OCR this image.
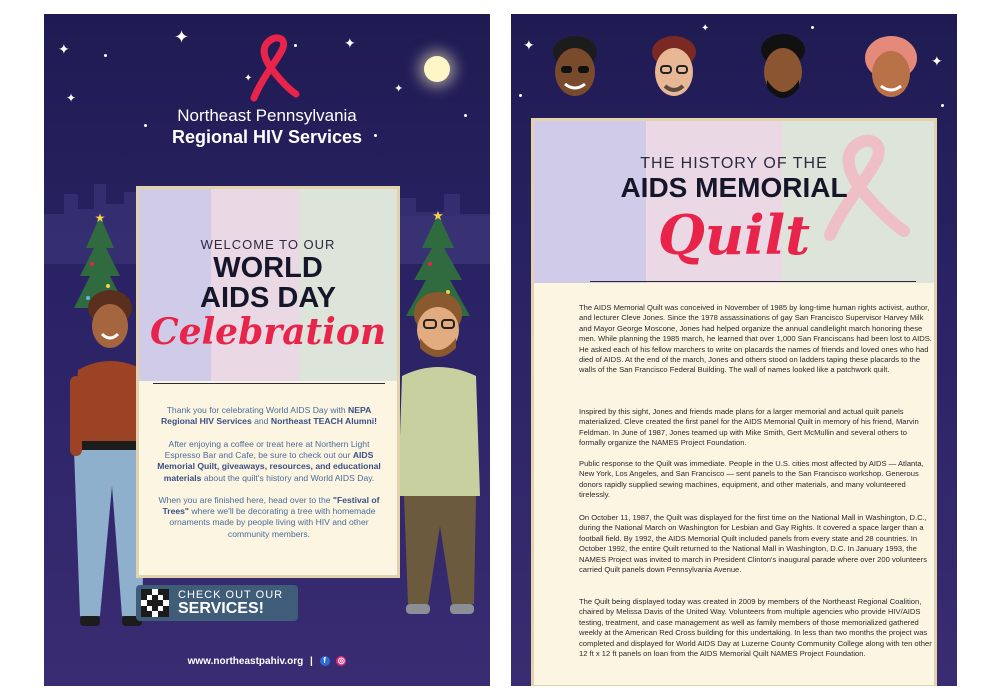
✦
✦	✦
✦
✦
✦
Northeast Pennsylvania
Regional HIV Services
★	★
WELCOME TO OUR
WORLD
AIDS DAY
Celebration
Thank you for celebrating World AIDS Day with NEPA Regional HIV Services and Northeast TEACH Alumni!
After enjoying a coffee or treat here at Northern Light Espresso Bar and Cafe, be sure to check out our AIDS Memorial Quilt, giveaways, resources, and educational materials about the quilt's history and World AIDS Day.
When you are finished here, head over to the "Festival of Trees" where we'll be decorating a tree with homemade ornaments made by people living with HIV and other community members.
CHECK OUT OUR
SERVICES!
www.northeastpahiv.org | f ◎
✦
✦
✦
THE HISTORY OF THE
AIDS MEMORIAL
Quilt
The AIDS Memorial Quilt was conceived in November of 1985 by long-time human rights activist, author, and lecturer Cleve Jones. Since the 1978 assassinations of gay San Francisco Supervisor Harvey Milk and Mayor George Moscone, Jones had helped organize the annual candlelight march honoring these men. While planning the 1985 march, he learned that over 1,000 San Franciscans had been lost to AIDS. He asked each of his fellow marchers to write on placards the names of friends and loved ones who had died of AIDS. At the end of the march, Jones and others stood on ladders taping these placards to the walls of the San Francisco Federal Building. The wall of names looked like a patchwork quilt.
Inspired by this sight, Jones and friends made plans for a larger memorial and actual quilt panels materialized. Cleve created the first panel for the AIDS Memorial Quilt in memory of his friend, Marvin Feldman. In June of 1987, Jones teamed up with Mike Smith, Gert McMullin and several others to formally organize the NAMES Project Foundation.
Public response to the Quilt was immediate. People in the U.S. cities most affected by AIDS — Atlanta, New York, Los Angeles, and San Francisco — sent panels to the San Francisco workshop. Generous donors rapidly supplied sewing machines, equipment, and other materials, and many volunteered tirelessly.
On October 11, 1987, the Quilt was displayed for the first time on the National Mall in Washington, D.C., during the National March on Washington for Lesbian and Gay Rights. It covered a space larger than a football field. By 1992, the AIDS Memorial Quilt included panels from every state and 28 countries. In October 1992, the entire Quilt returned to the National Mall in Washington, D.C. In January 1993, the NAMES Project was invited to march in President Clinton's inaugural parade where over 200 volunteers carried Quilt panels down Pennsylvania Avenue.
The Quilt being displayed today was created in 2009 by members of the Northeast Regional Coalition, chaired by Melissa Davis of the United Way. Volunteers from multiple agencies who provide HIV/AIDS testing, treatment, and case management as well as family members of those memorialized gathered weekly at the American Red Cross building for this undertaking. In less than two months the project was completed and displayed for World AIDS Day at Luzerne County Community College along with ten other 12 ft x 12 ft panels on loan from the AIDS Memorial Quilt NAMES Project Foundation.
